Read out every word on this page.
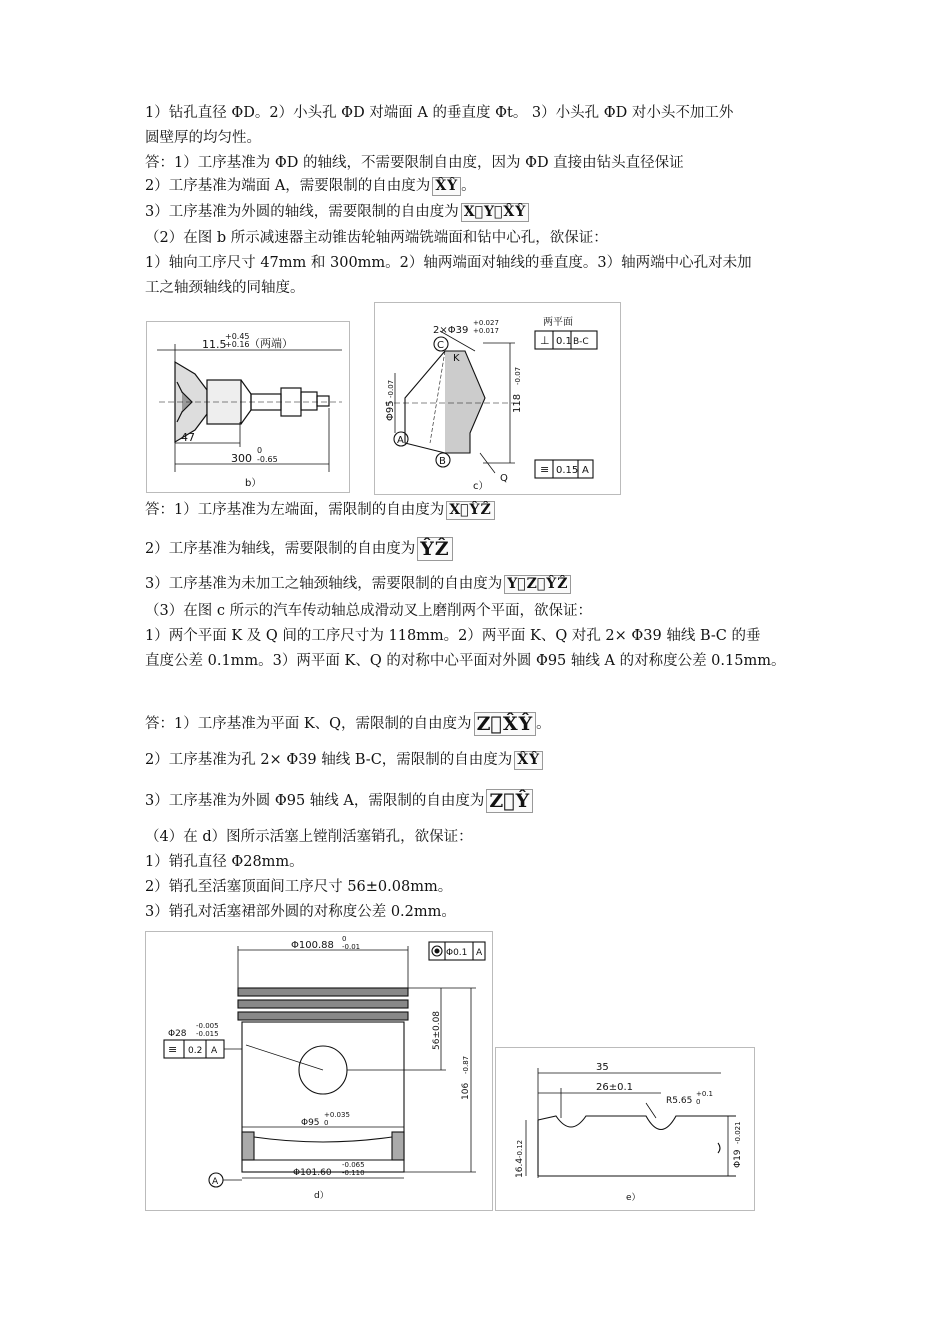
1）钻孔直径 ΦD。2）小头孔 ΦD 对端面 A 的垂直度 Φt。 3）小头孔 ΦD 对小头不加工外
圆壁厚的均匀性。
答：1）工序基准为 ΦD 的轴线，不需要限制自由度，因为 ΦD 直接由钻头直径保证
2）工序基准为端面 A，需要限制的自由度为 X̂Ŷ 。
3）工序基准为外圆的轴线，需要限制的自由度为 X⃗Y⃗X̂Ŷ
（2）在图 b 所示减速器主动锥齿轮轴两端铣端面和钻中心孔，欲保证：
1）轴向工序尺寸 47mm 和 300mm。2）轴两端面对轴线的垂直度。3）轴两端中心孔对未加
工之轴颈轴线的同轴度。
11.5
+0.45
+0.16 （两端）
47
300
0
-0.65
b）
两平面
2×Φ39
+0.027
+0.017
⊥ 0.1 B-C
≡ 0.15 A
118
-0.07
Φ95
-0.07
A
B
C
K
Q
c）
答：1）工序基准为左端面，需限制的自由度为 X⃗ŶẐ
2）工序基准为轴线，需要限制的自由度为 ŶẐ
3）工序基准为未加工之轴颈轴线，需要限制的自由度为 Y⃗Z⃗ŶẐ
（3）在图 c 所示的汽车传动轴总成滑动叉上磨削两个平面，欲保证：
1）两个平面 K 及 Q 间的工序尺寸为 118mm。2）两平面 K、Q 对孔 2× Φ39 轴线 B-C 的垂
直度公差 0.1mm。3）两平面 K、Q 的对称中心平面对外圆 Φ95 轴线 A 的对称度公差 0.15mm。
答：1）工序基准为平面 K、Q，需限制的自由度为 Z⃗X̂Ŷ 。
2）工序基准为孔 2× Φ39 轴线 B-C，需限制的自由度为 X̂Ŷ
3）工序基准为外圆 Φ95 轴线 A，需限制的自由度为 Z⃗Ŷ
（4）在 d）图所示活塞上镗削活塞销孔，欲保证：
1）销孔直径 Φ28mm。
2）销孔至活塞顶面间工序尺寸 56±0.08mm。
3）销孔对活塞裙部外圆的对称度公差 0.2mm。
Φ100.88
0
-0.01
Φ0.1 A
Φ28
-0.005
-0.015
≡ 0.2 A
56±0.08
106
-0.87
Φ95
+0.035
0
Φ101.60
-0.065
-0.110
A
d）
35
26±0.1
R5.65
+0.1
0
16.4
-0.12
Φ19
-0.021
e）
